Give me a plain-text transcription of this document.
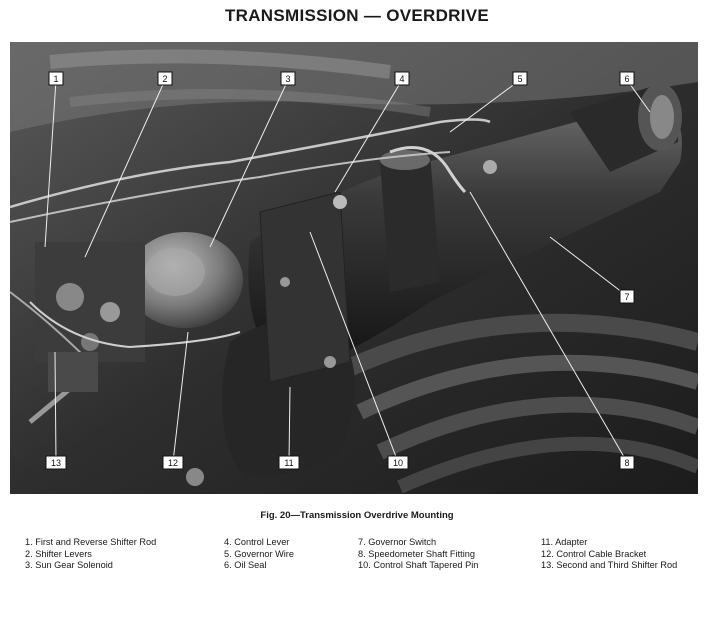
TRANSMISSION — OVERDRIVE
1	2	3	4	5	6
7
8
10
11
12
13
Fig. 20—Transmission Overdrive Mounting
1. First and Reverse Shifter Rod
2. Shifter Levers
3. Sun Gear Solenoid
4. Control Lever
5. Governor Wire
6. Oil Seal
7. Governor Switch
8. Speedometer Shaft Fitting
10. Control Shaft Tapered Pin
11. Adapter
12. Control Cable Bracket
13. Second and Third Shifter Rod
